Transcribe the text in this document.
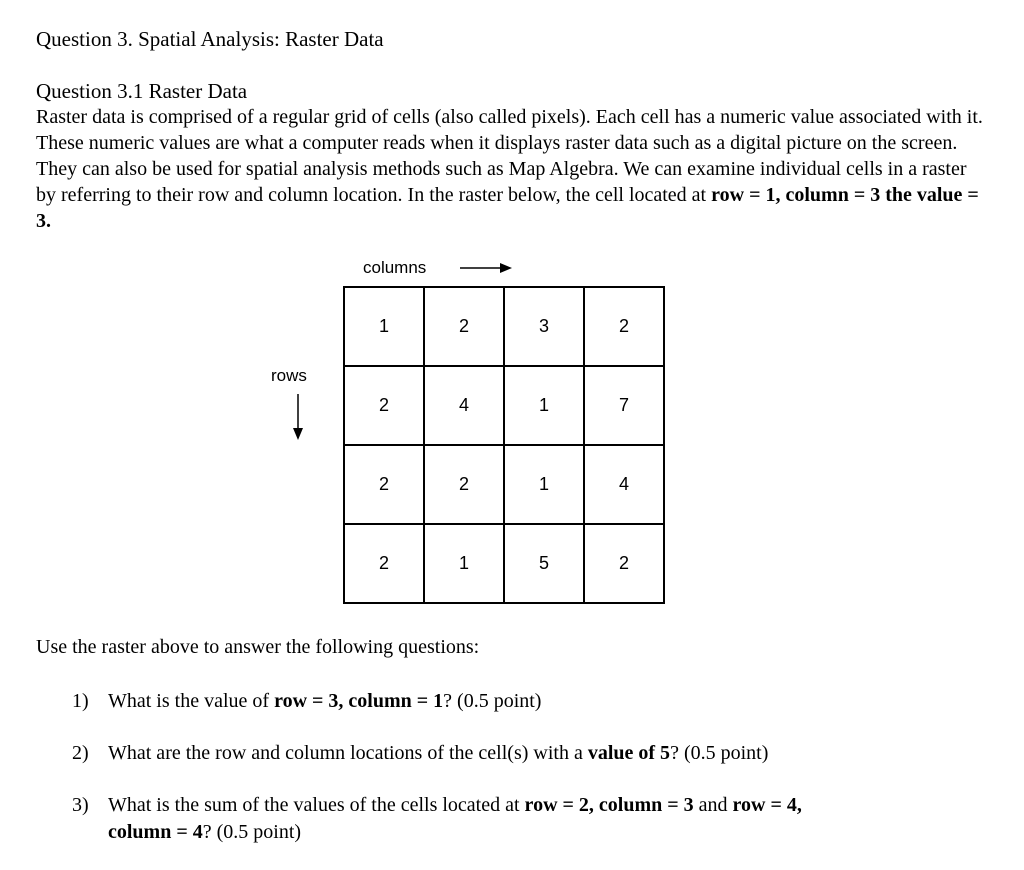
Question 3. Spatial Analysis: Raster Data
Question 3.1 Raster Data
Raster data is comprised of a regular grid of cells (also called pixels). Each cell has a numeric value associated with it. These numeric values are what a computer reads when it displays raster data such as a digital picture on the screen. They can also be used for spatial analysis methods such as Map Algebra. We can examine individual cells in a raster by referring to their row and column location. In the raster below, the cell located at row = 1, column = 3 the value = 3.
columns
rows
1	2	3	2
2	4	1	7
2	2	1	4
2	1	5	2
Use the raster above to answer the following questions:
1) What is the value of row = 3, column = 1? (0.5 point)
2) What are the row and column locations of the cell(s) with a value of 5? (0.5 point)
3) What is the sum of the values of the cells located at row = 2, column = 3 and row = 4,
column = 4? (0.5 point)
